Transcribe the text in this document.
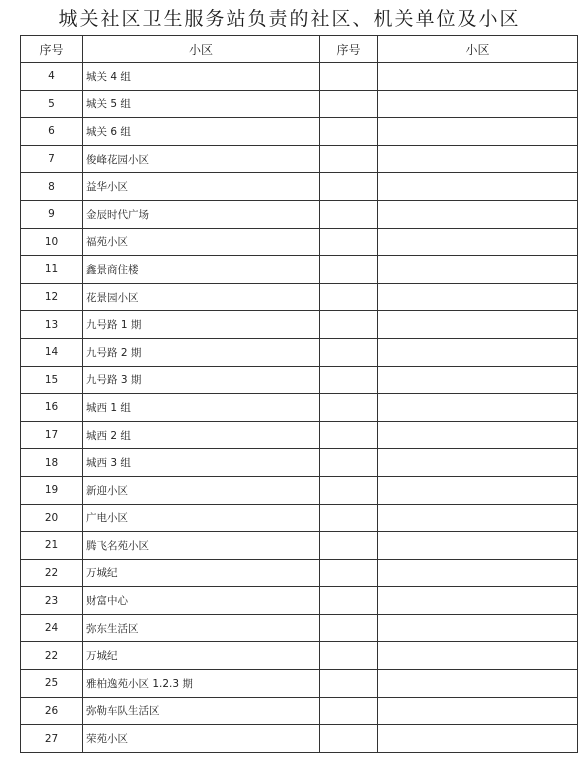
城关社区卫生服务站负责的社区、机关单位及小区
序号	小区	序号	小区
4	城关 4 组		
5	城关 5 组		
6	城关 6 组		
7	俊峰花园小区		
8	益华小区		
9	金辰时代广场		
10	福苑小区		
11	鑫景商住楼		
12	花景园小区		
13	九号路 1 期		
14	九号路 2 期		
15	九号路 3 期		
16	城西 1 组		
17	城西 2 组		
18	城西 3 组		
19	新迎小区		
20	广电小区		
21	腾飞名苑小区		
22	万城纪		
23	财富中心		
24	弥东生活区		
22	万城纪		
25	雅柏逸苑小区 1.2.3 期		
26	弥勒车队生活区		
27	荣苑小区		
